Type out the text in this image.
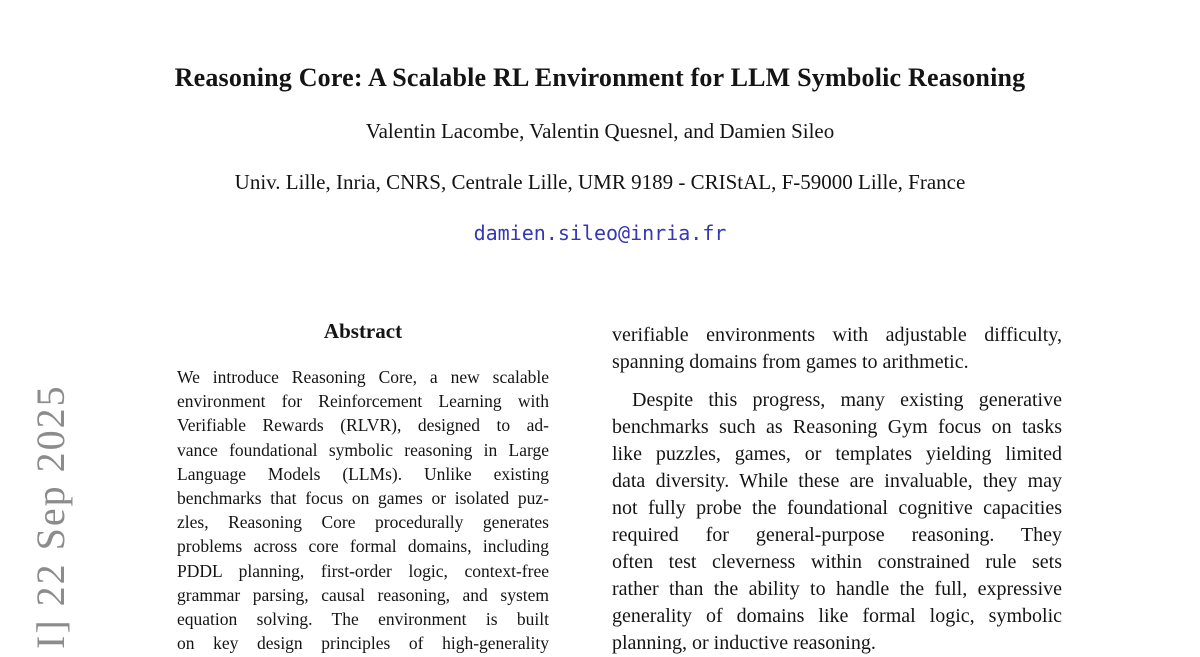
I] 22 Sep 2025
Reasoning Core: A Scalable RL Environment for LLM Symbolic Reasoning
Valentin Lacombe, Valentin Quesnel, and Damien Sileo
Univ. Lille, Inria, CNRS, Centrale Lille, UMR 9189 - CRIStAL, F-59000 Lille, France
damien.sileo@inria.fr
Abstract
We introduce Reasoning Core, a new scalable
environment for Reinforcement Learning with
Verifiable Rewards (RLVR), designed to ad-
vance foundational symbolic reasoning in Large
Language Models (LLMs). Unlike existing
benchmarks that focus on games or isolated puz-
zles, Reasoning Core procedurally generates
problems across core formal domains, including
PDDL planning, first-order logic, context-free
grammar parsing, causal reasoning, and system
equation solving. The environment is built
on key design principles of high-generality
verifiable environments with adjustable difficulty,
spanning domains from games to arithmetic.
Despite this progress, many existing generative
benchmarks such as Reasoning Gym focus on tasks
like puzzles, games, or templates yielding limited
data diversity. While these are invaluable, they may
not fully probe the foundational cognitive capacities
required for general-purpose reasoning. They
often test cleverness within constrained rule sets
rather than the ability to handle the full, expressive
generality of domains like formal logic, symbolic
planning, or inductive reasoning.
